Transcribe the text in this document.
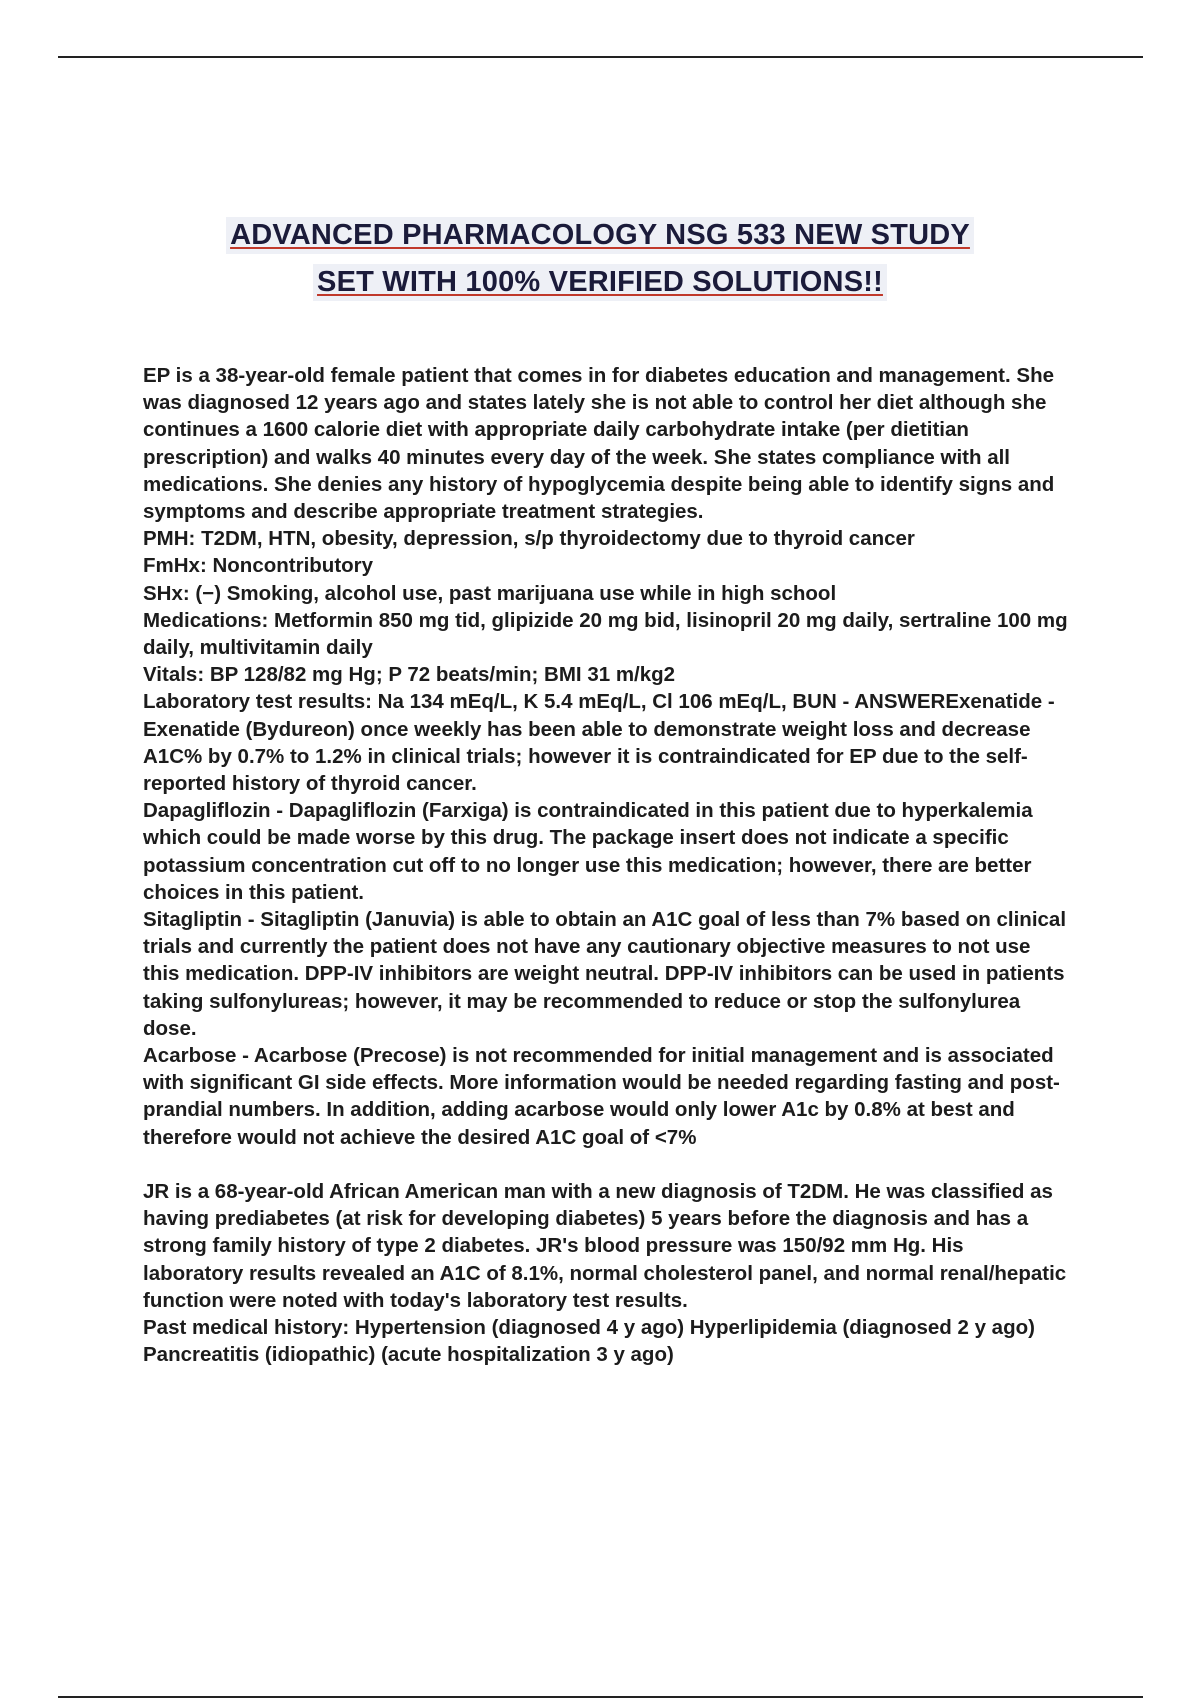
ADVANCED PHARMACOLOGY NSG 533 NEW STUDY
SET WITH 100% VERIFIED SOLUTIONS!!

EP is a 38-year-old female patient that comes in for diabetes education and management. She was diagnosed 12 years ago and states lately she is not able to control her diet although she continues a 1600 calorie diet with appropriate daily carbohydrate intake (per dietitian prescription) and walks 40 minutes every day of the week. She states compliance with all medications. She denies any history of hypoglycemia despite being able to identify signs and symptoms and describe appropriate treatment strategies.

PMH: T2DM, HTN, obesity, depression, s/p thyroidectomy due to thyroid cancer

FmHx: Noncontributory

SHx: (−) Smoking, alcohol use, past marijuana use while in high school

Medications: Metformin 850 mg tid, glipizide 20 mg bid, lisinopril 20 mg daily, sertraline 100 mg daily, multivitamin daily

Vitals: BP 128/82 mg Hg; P 72 beats/min; BMI 31 m/kg2

Laboratory test results: Na 134 mEq/L, K 5.4 mEq/L, Cl 106 mEq/L, BUN - ANSWERExenatide - Exenatide (Bydureon) once weekly has been able to demonstrate weight loss and decrease A1C% by 0.7% to 1.2% in clinical trials; however it is contraindicated for EP due to the self-reported history of thyroid cancer.

Dapagliflozin - Dapagliflozin (Farxiga) is contraindicated in this patient due to hyperkalemia which could be made worse by this drug. The package insert does not indicate a specific potassium concentration cut off to no longer use this medication; however, there are better choices in this patient.

Sitagliptin - Sitagliptin (Januvia) is able to obtain an A1C goal of less than 7% based on clinical trials and currently the patient does not have any cautionary objective measures to not use this medication. DPP-IV inhibitors are weight neutral. DPP-IV inhibitors can be used in patients taking sulfonylureas; however, it may be recommended to reduce or stop the sulfonylurea dose.

Acarbose - Acarbose (Precose) is not recommended for initial management and is associated with significant GI side effects. More information would be needed regarding fasting and post-prandial numbers. In addition, adding acarbose would only lower A1c by 0.8% at best and therefore would not achieve the desired A1C goal of <7%

JR is a 68-year-old African American man with a new diagnosis of T2DM. He was classified as having prediabetes (at risk for developing diabetes) 5 years before the diagnosis and has a strong family history of type 2 diabetes. JR's blood pressure was 150/92 mm Hg. His laboratory results revealed an A1C of 8.1%, normal cholesterol panel, and normal renal/hepatic function were noted with today's laboratory test results.

Past medical history: Hypertension (diagnosed 4 y ago) Hyperlipidemia (diagnosed 2 y ago) Pancreatitis (idiopathic) (acute hospitalization 3 y ago)
